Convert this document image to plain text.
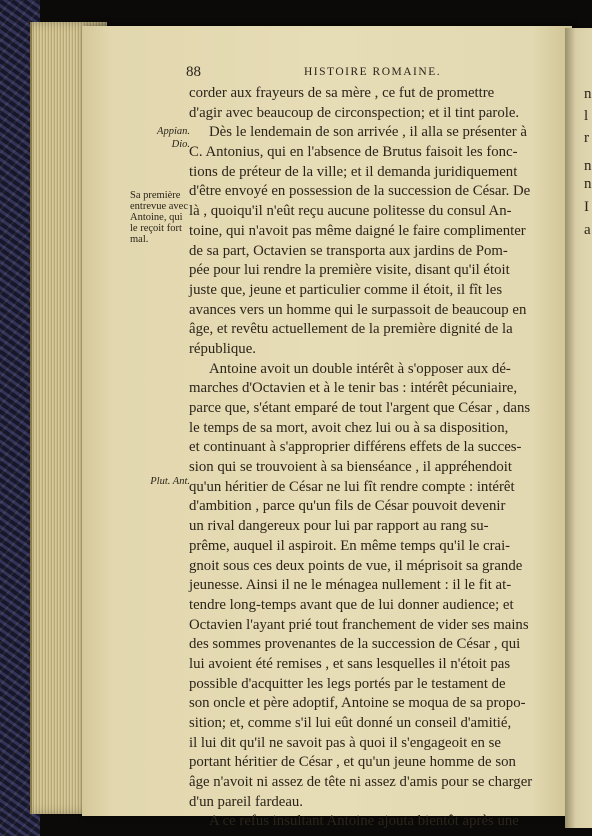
n
l
r
n
n
I
a
88	HISTOIRE ROMAINE.
Appian.
Dio.
Sa première
entrevue avec
Antoine, qui
le reçoit fort
mal.
Plut. Ant.
corder aux frayeurs de sa mère , ce fut de promettre
d'agir avec beaucoup de circonspection; et il tint parole.
Dès le lendemain de son arrivée , il alla se présenter à
C. Antonius, qui en l'absence de Brutus faisoit les fonc-
tions de préteur de la ville; et il demanda juridiquement
d'être envoyé en possession de la succession de César. De
là , quoiqu'il n'eût reçu aucune politesse du consul An-
toine, qui n'avoit pas même daigné le faire complimenter
de sa part, Octavien se transporta aux jardins de Pom-
pée pour lui rendre la première visite, disant qu'il étoit
juste que, jeune et particulier comme il étoit, il fît les
avances vers un homme qui le surpassoit de beaucoup en
âge, et revêtu actuellement de la première dignité de la
république.
Antoine avoit un double intérêt à s'opposer aux dé-
marches d'Octavien et à le tenir bas : intérêt pécuniaire,
parce que, s'étant emparé de tout l'argent que César , dans
le temps de sa mort, avoit chez lui ou à sa disposition,
et continuant à s'approprier différens effets de la succes-
sion qui se trouvoient à sa bienséance , il appréhendoit
qu'un héritier de César ne lui fît rendre compte : intérêt
d'ambition , parce qu'un fils de César pouvoit devenir
un rival dangereux pour lui par rapport au rang su-
prême, auquel il aspiroit. En même temps qu'il le crai-
gnoit sous ces deux points de vue, il méprisoit sa grande
jeunesse. Ainsi il ne le ménagea nullement : il le fit at-
tendre long-temps avant que de lui donner audience; et
Octavien l'ayant prié tout franchement de vider ses mains
des sommes provenantes de la succession de César , qui
lui avoient été remises , et sans lesquelles il n'étoit pas
possible d'acquitter les legs portés par le testament de
son oncle et père adoptif, Antoine se moqua de sa propo-
sition; et, comme s'il lui eût donné un conseil d'amitié,
il lui dit qu'il ne savoit pas à quoi il s'engageoit en se
portant héritier de César , et qu'un jeune homme de son
âge n'avoit ni assez de tête ni assez d'amis pour se charger
d'un pareil fardeau.
A ce refus insultant Antoine ajouta bientôt après une
